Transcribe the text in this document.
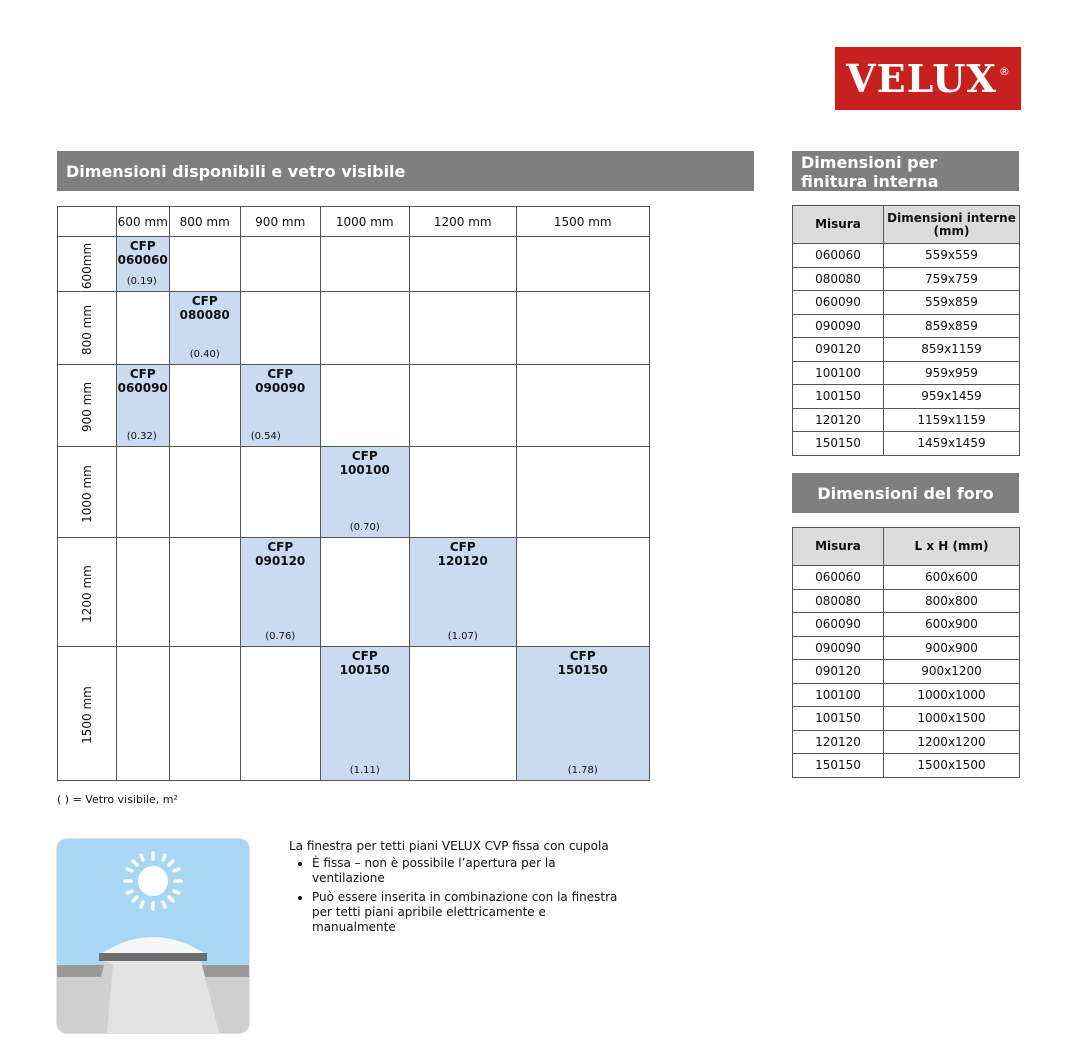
VELUX ®
Dimensioni disponibili e vetro visibile	Dimensioni per
finitura interna
Dimensioni del foro
	600 mm	800 mm	900 mm	1000 mm	1200 mm	1500 mm
600mm	CFP
060060
(0.19)					

800 mm		CFP
080080
(0.40)				

900 mm	CFP
060090
(0.32)		CFP
090090
(0.54)			

1000 mm				CFP
100100
(0.70)		

1200 mm			CFP
090120
(0.76)		CFP
120120
(1.07)	

1500 mm				CFP
100150
(1.11)		CFP
150150
(1.78)
( ) = Vetro visibile, m²
Misura	Dimensioni interne (mm)
060060	559x559
080080	759x759
060090	559x859
090090	859x859
090120	859x1159
100100	959x959
100150	959x1459
120120	1159x1159
150150	1459x1459
Misura	L x H (mm)
060060	600x600
080080	800x800
060090	600x900
090090	900x900
090120	900x1200
100100	1000x1000
100150	1000x1500
120120	1200x1200
150150	1500x1500
La finestra per tetti piani VELUX CVP fissa con cupola
• È fissa – non è possibile l’apertura per la ventilazione
• Può essere inserita in combinazione con la finestra per tetti piani apribile elettricamente e manualmente
